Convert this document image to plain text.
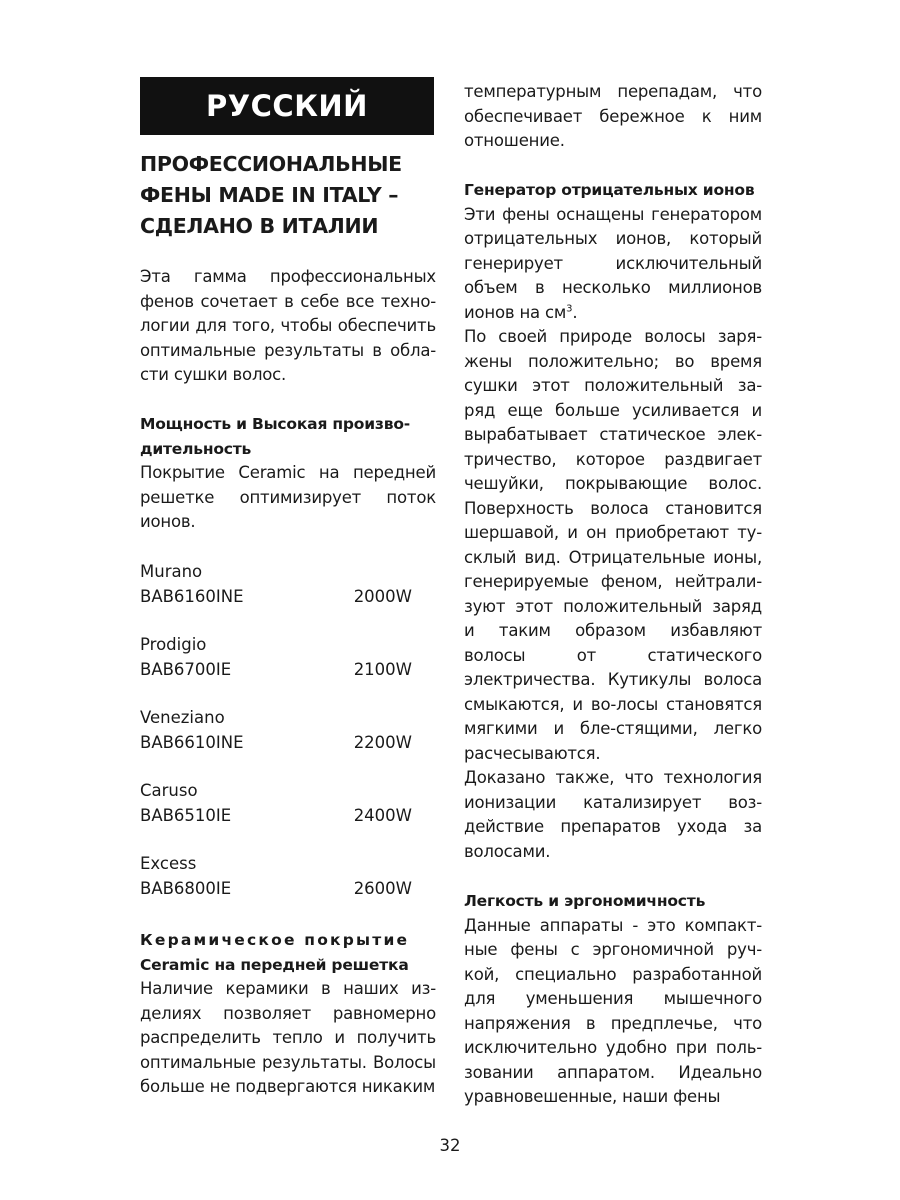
РУССКИЙ
ПРОФЕССИОНАЛЬНЫЕ
ФЕНЫ MADE IN ITALY –
СДЕЛАНО В ИТАЛИИ

Эта гамма профессиональных фенов сочетает в себе все техно-логии для того, чтобы обеспечить оптимальные результаты в обла-сти сушки волос.

Мощность и Высокая произво-дительность

Покрытие Ceramic на передней решетке оптимизирует поток ионов.

Murano
BAB6160INE	2000W
Prodigio
BAB6700IE	2100W
Veneziano
BAB6610INE	2200W
Caruso
BAB6510IE	2400W
Excess
BAB6800IE	2600W

Керамическое покрытие

Ceramic на передней решетка

Наличие керамики в наших из-делиях позволяет равномерно распределить тепло и получить оптимальные результаты. Волосы больше не подвергаются никаким

температурным перепадам, что обеспечивает бережное к ним отношение.

Генератор отрицательных ионов

Эти фены оснащены генератором отрицательных ионов, который генерирует исключительный объем в несколько миллионов ионов на $см^3$.

По своей природе волосы заря-жены положительно; во время сушки этот положительный за-ряд еще больше усиливается и вырабатывает статическое элек-тричество, которое раздвигает чешуйки, покрывающие волос. Поверхность волоса становится шершавой, и он приобретают ту-склый вид. Отрицательные ионы, генерируемые феном, нейтрали-зуют этот положительный заряд и таким образом избавляют волосы от статического электричества. Кутикулы волоса смыкаются, и во-лосы становятся мягкими и бле-стящими, легко расчесываются.

Доказано также, что технология ионизации катализирует воз-действие препаратов ухода за волосами.

Легкость и эргономичность

Данные аппараты - это компакт-ные фены с эргономичной руч-кой, специально разработанной для уменьшения мышечного напряжения в предплечье, что исключительно удобно при поль-зовании аппаратом. Идеально уравновешенные, наши фены

32
